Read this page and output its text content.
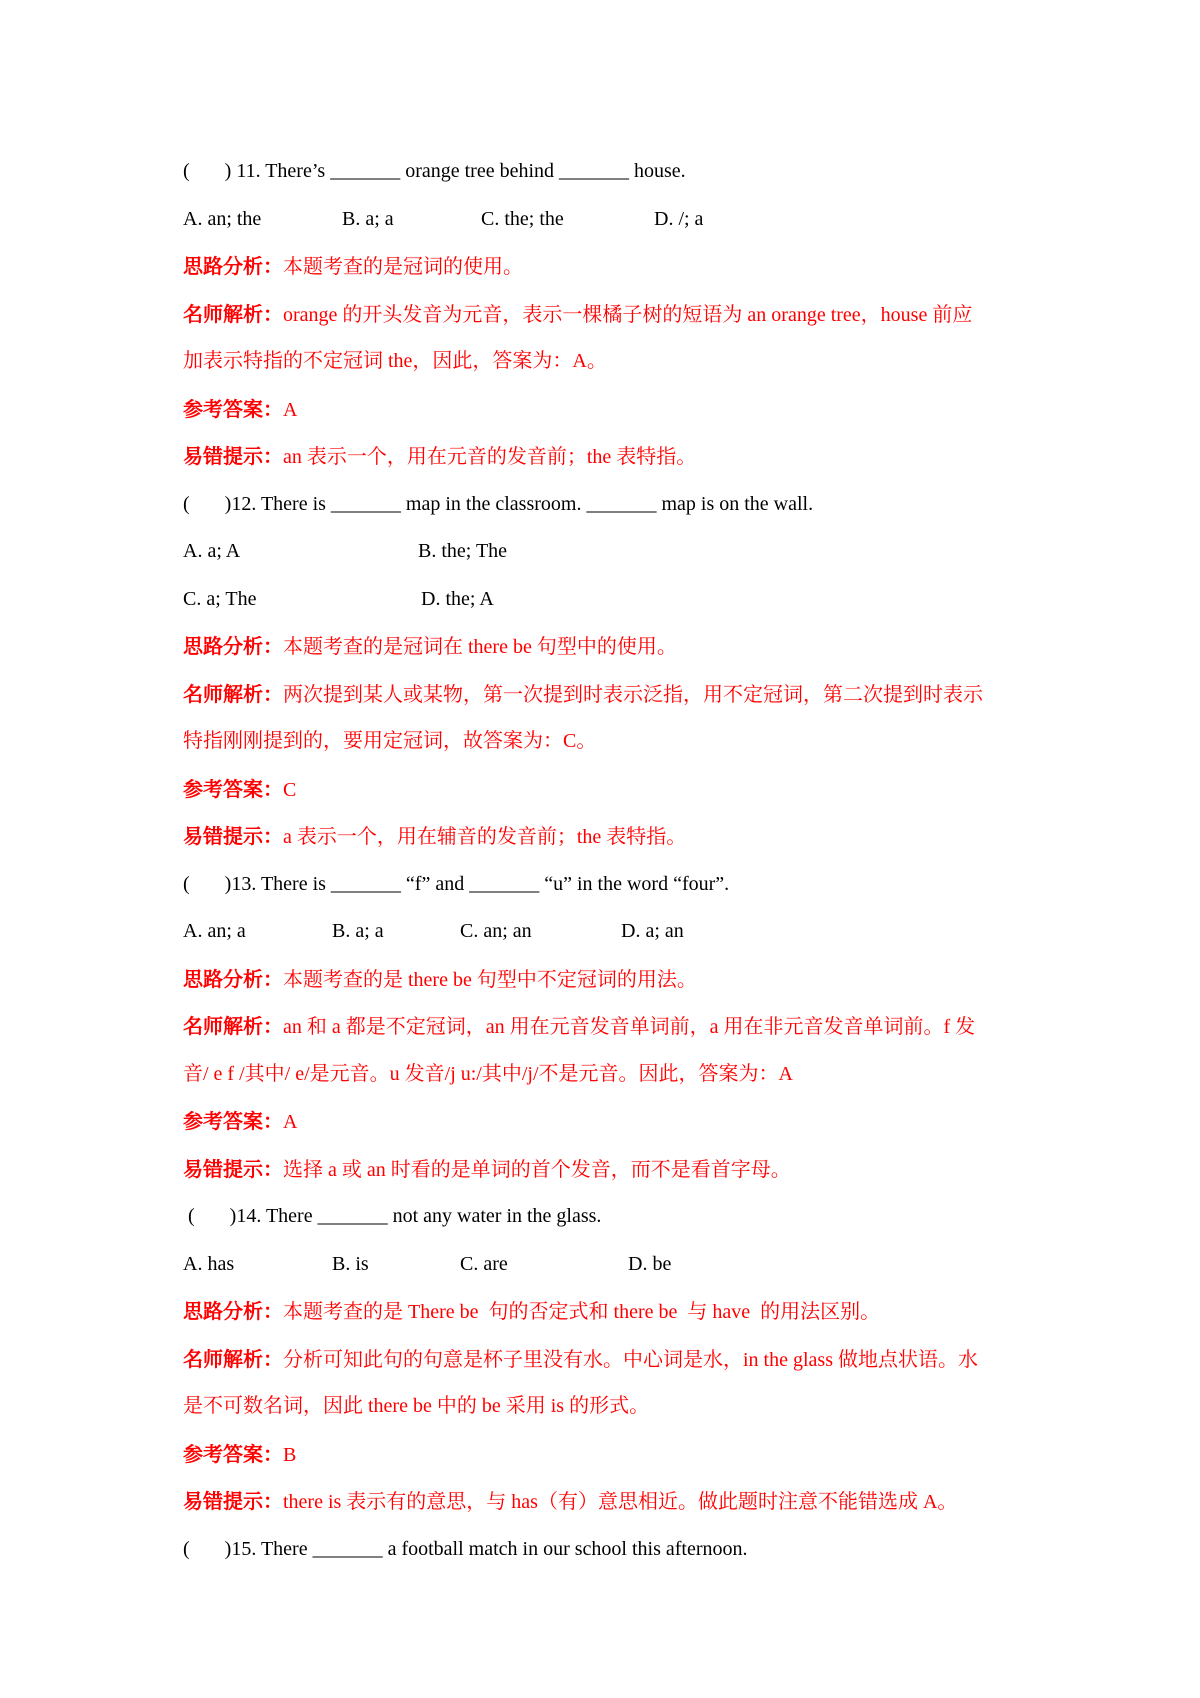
(       ) 11. There’s _______ orange tree behind _______ house.
A. an; the	B. a; a	C. the; the	D. /; a
思路分析：本题考查的是冠词的使用。
名师解析：orange 的开头发音为元音，表示一棵橘子树的短语为 an orange tree，house 前应
加表示特指的不定冠词 the，因此，答案为：A。
参考答案：A
易错提示：an 表示一个，用在元音的发音前；the 表特指。
(       )12. There is _______ map in the classroom. _______ map is on the wall.
A. a; A	B. the; The
C. a; The	D. the; A
思路分析：本题考查的是冠词在 there be 句型中的使用。
名师解析：两次提到某人或某物，第一次提到时表示泛指，用不定冠词，第二次提到时表示
特指刚刚提到的，要用定冠词，故答案为：C。
参考答案：C
易错提示：a 表示一个，用在辅音的发音前；the 表特指。
(       )13. There is _______ “f” and _______ “u” in the word “four”.
A. an; a	B. a; a	C. an; an	D. a; an
思路分析：本题考查的是 there be 句型中不定冠词的用法。
名师解析：an 和 a 都是不定冠词，an 用在元音发音单词前，a 用在非元音发音单词前。f 发
音/ e f /其中/ e/是元音。u 发音/j u:/其中/j/不是元音。因此，答案为：A
参考答案：A
易错提示：选择 a 或 an 时看的是单词的首个发音，而不是看首字母。
(       )14. There _______ not any water in the glass.
A. has	B. is	C. are	D. be
思路分析：本题考查的是 There be  句的否定式和 there be  与 have  的用法区别。
名师解析：分析可知此句的句意是杯子里没有水。中心词是水，in the glass 做地点状语。水
是不可数名词，因此 there be 中的 be 采用 is 的形式。
参考答案：B
易错提示：there is 表示有的意思，与 has（有）意思相近。做此题时注意不能错选成 A。
(       )15. There _______ a football match in our school this afternoon.
